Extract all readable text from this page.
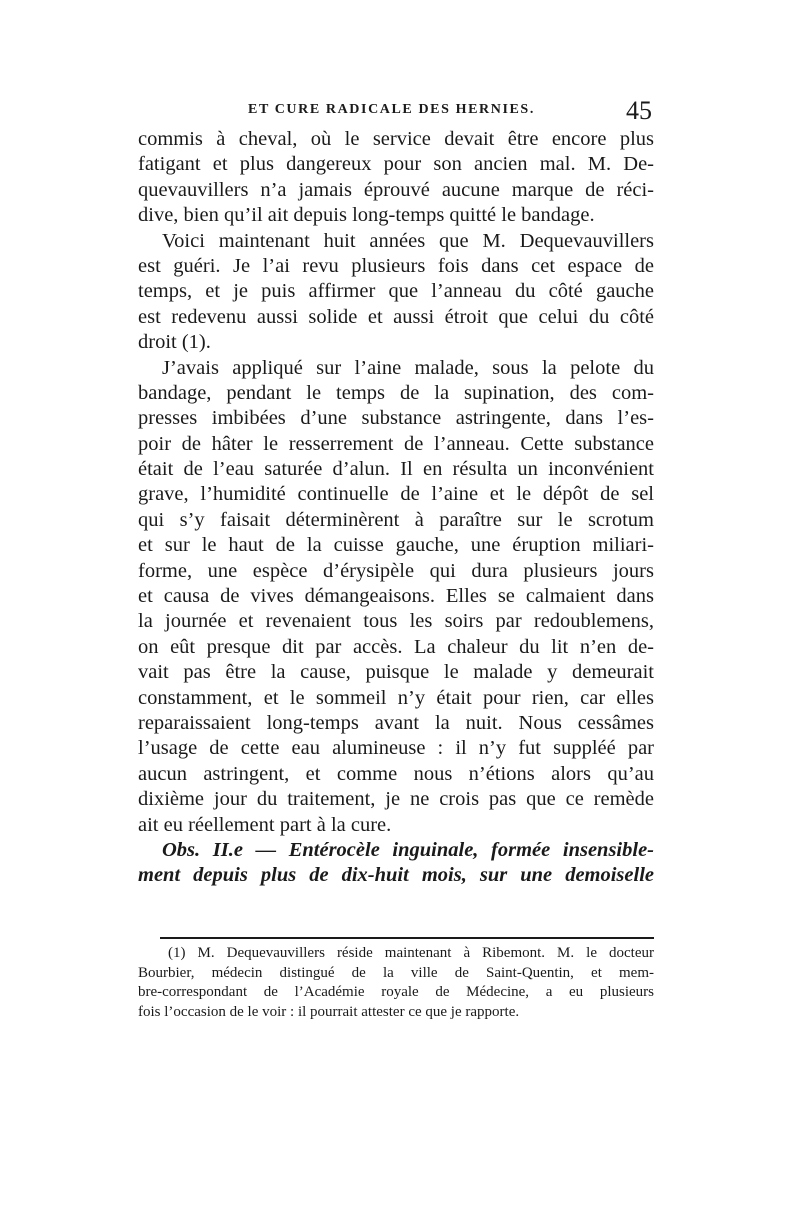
ET CURE RADICALE DES HERNIES.	45
commis à cheval, où le service devait être encore plus
fatigant et plus dangereux pour son ancien mal. M. De-
quevauvillers n’a jamais éprouvé aucune marque de réci-
dive, bien qu’il ait depuis long-temps quitté le bandage.
Voici maintenant huit années que M. Dequevauvillers
est guéri. Je l’ai revu plusieurs fois dans cet espace de
temps, et je puis affirmer que l’anneau du côté gauche
est redevenu aussi solide et aussi étroit que celui du côté
droit (1).
J’avais appliqué sur l’aine malade, sous la pelote du
bandage, pendant le temps de la supination, des com-
presses imbibées d’une substance astringente, dans l’es-
poir de hâter le resserrement de l’anneau. Cette substance
était de l’eau saturée d’alun. Il en résulta un inconvénient
grave, l’humidité continuelle de l’aine et le dépôt de sel
qui s’y faisait déterminèrent à paraître sur le scrotum
et sur le haut de la cuisse gauche, une éruption miliari-
forme, une espèce d’érysipèle qui dura plusieurs jours
et causa de vives démangeaisons. Elles se calmaient dans
la journée et revenaient tous les soirs par redoublemens,
on eût presque dit par accès. La chaleur du lit n’en de-
vait pas être la cause, puisque le malade y demeurait
constamment, et le sommeil n’y était pour rien, car elles
reparaissaient long-temps avant la nuit. Nous cessâmes
l’usage de cette eau alumineuse : il n’y fut suppléé par
aucun astringent, et comme nous n’étions alors qu’au
dixième jour du traitement, je ne crois pas que ce remède
ait eu réellement part à la cure.
Obs. II.e — Entérocèle inguinale, formée insensible-
ment depuis plus de dix-huit mois, sur une demoiselle
(1) M. Dequevauvillers réside maintenant à Ribemont. M. le docteur
Bourbier, médecin distingué de la ville de Saint-Quentin, et mem-
bre-correspondant de l’Académie royale de Médecine, a eu plusieurs
fois l’occasion de le voir : il pourrait attester ce que je rapporte.
